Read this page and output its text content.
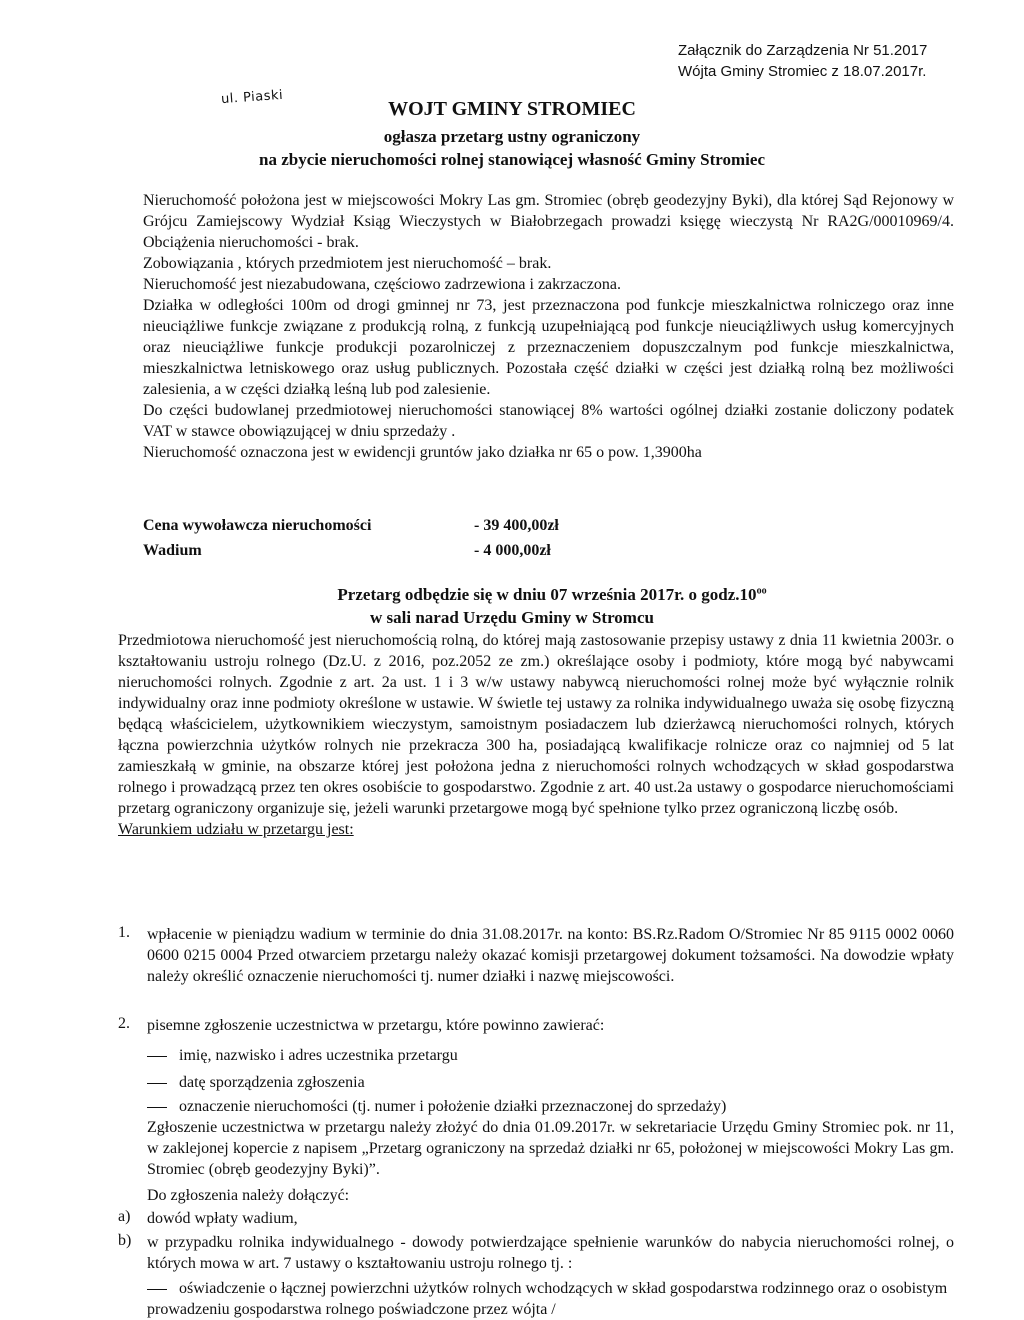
Załącznik do Zarządzenia Nr 51.2017
Wójta Gminy Stromiec z 18.07.2017r.
ul. Piaski
WOJT GMINY STROMIEC
ogłasza przetarg ustny ograniczony
na zbycie nieruchomości rolnej stanowiącej własność Gminy Stromiec
Nieruchomość położona jest w miejscowości Mokry Las gm. Stromiec (obręb geodezyjny Byki), dla której Sąd Rejonowy w Grójcu Zamiejscowy Wydział Ksiąg Wieczystych w Białobrzegach prowadzi księgę wieczystą Nr RA2G/00010969/4. Obciążenia nieruchomości - brak.
Zobowiązania , których przedmiotem jest nieruchomość – brak.
Nieruchomość jest niezabudowana, częściowo zadrzewiona i zakrzaczona.
Działka w odległości 100m od drogi gminnej nr 73, jest przeznaczona pod funkcje mieszkalnictwa rolniczego oraz inne nieuciążliwe funkcje związane z produkcją rolną, z funkcją uzupełniającą pod funkcje nieuciążliwych usług komercyjnych oraz nieuciążliwe funkcje produkcji pozarolniczej z przeznaczeniem dopuszczalnym pod funkcje mieszkalnictwa, mieszkalnictwa letniskowego oraz usług publicznych. Pozostała część działki w części jest działką rolną bez możliwości zalesienia, a w części działką leśną lub pod zalesienie.
Do części budowlanej przedmiotowej nieruchomości stanowiącej 8% wartości ogólnej działki zostanie doliczony podatek VAT w stawce obowiązującej w dniu sprzedaży .
Nieruchomość oznaczona jest w ewidencji gruntów jako działka nr 65 o pow. 1,3900ha
Cena wywoławcza nieruchomości	- 39 400,00zł
Wadium	- 4 000,00zł
Przetarg odbędzie się w dniu 07 września 2017r. o $godz.10^{oo}$
w sali narad Urzędu Gminy w Stromcu
Przedmiotowa nieruchomość jest nieruchomością rolną, do której mają zastosowanie przepisy ustawy z dnia 11 kwietnia 2003r. o kształtowaniu ustroju rolnego (Dz.U. z 2016, poz.2052 ze zm.) określające osoby i podmioty, które mogą być nabywcami nieruchomości rolnych. Zgodnie z art. 2a ust. 1 i 3 w/w ustawy nabywcą nieruchomości rolnej może być wyłącznie rolnik indywidualny oraz inne podmioty określone w ustawie. W świetle tej ustawy za rolnika indywidualnego uważa się osobę fizyczną będącą właścicielem, użytkownikiem wieczystym, samoistnym posiadaczem lub dzierżawcą nieruchomości rolnych, których łączna powierzchnia użytków rolnych nie przekracza 300 ha, posiadającą kwalifikacje rolnicze oraz co najmniej od 5 lat zamieszkałą w gminie, na obszarze której jest położona jedna z nieruchomości rolnych wchodzących w skład gospodarstwa rolnego i prowadzącą przez ten okres osobiście to gospodarstwo. Zgodnie z art. 40 ust.2a ustawy o gospodarce nieruchomościami przetarg ograniczony organizuje się, jeżeli warunki przetargowe mogą być spełnione tylko przez ograniczoną liczbę osób.
Warunkiem udziału w przetargu jest:
1. wpłacenie w pieniądzu wadium w terminie do dnia 31.08.2017r. na konto: BS.Rz.Radom O/Stromiec Nr 85 9115 0002 0060 0600 0215 0004 Przed otwarciem przetargu należy okazać komisji przetargowej dokument tożsamości. Na dowodzie wpłaty należy określić oznaczenie nieruchomości tj. numer działki i nazwę miejscowości.
2. pisemne zgłoszenie uczestnictwa w przetargu, które powinno zawierać:
imię, nazwisko i adres uczestnika przetargu
datę sporządzenia zgłoszenia
oznaczenie nieruchomości (tj. numer i położenie działki przeznaczonej do sprzedaży)
Zgłoszenie uczestnictwa w przetargu należy złożyć do dnia 01.09.2017r. w sekretariacie Urzędu Gminy Stromiec pok. nr 11, w zaklejonej kopercie z napisem „Przetarg ograniczony na sprzedaż działki nr 65, położonej w miejscowości Mokry Las gm. Stromiec (obręb geodezyjny Byki)”.
Do zgłoszenia należy dołączyć:
a) dowód wpłaty wadium,
b) w przypadku rolnika indywidualnego - dowody potwierdzające spełnienie warunków do nabycia nieruchomości rolnej, o których mowa w art. 7 ustawy o kształtowaniu ustroju rolnego tj. :
oświadczenie o łącznej powierzchni użytków rolnych wchodzących w skład gospodarstwa rodzinnego oraz o osobistym prowadzeniu gospodarstwa rolnego poświadczone przez wójta /
